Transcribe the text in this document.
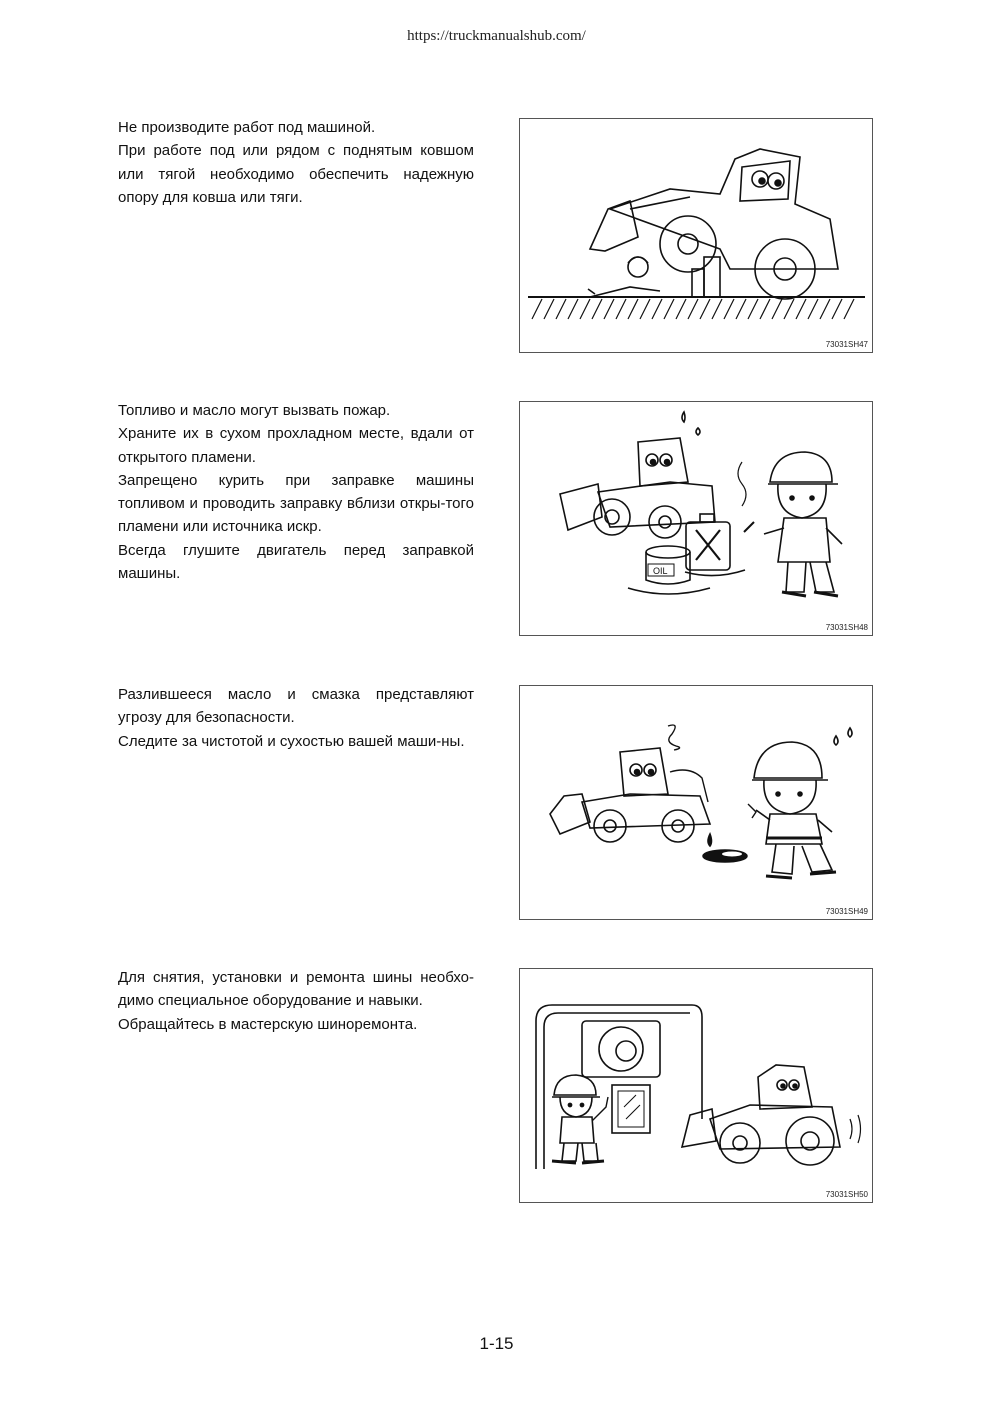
https://truckmanualshub.com/

Не производите работ под машиной.

При работе под или рядом с поднятым ковшом или тягой необходимо обеспечить надежную опору для ковша или тяги.

73031SH47

Топливо и масло могут вызвать пожар.

Храните их в сухом прохладном месте, вдали от открытого пламени.

Запрещено курить при заправке машины топливом и проводить заправку вблизи откры-того пламени или источника искр.

Всегда глушите двигатель перед заправкой машины.	OIL
73031SH48

Разлившееся масло и смазка представляют угрозу для безопасности.

Следите за чистотой и сухостью вашей маши-ны.

73031SH49

Для снятия, установки и ремонта шины необхо-димо специальное оборудование и навыки.

Обращайтесь в мастерскую шиноремонта.

73031SH50
1-15
